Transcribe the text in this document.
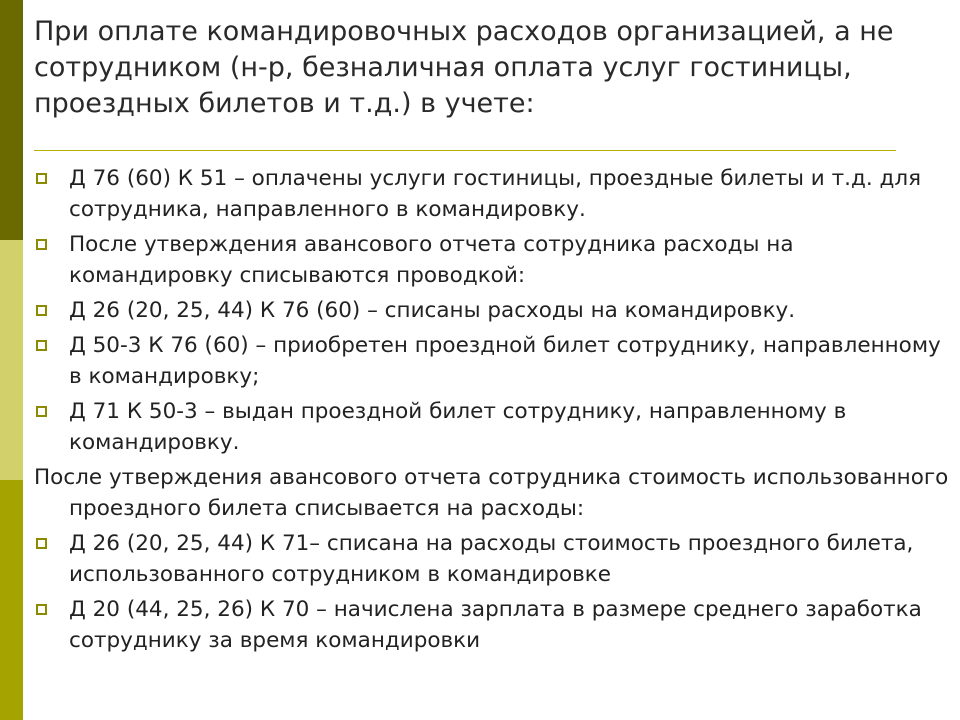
При оплате командировочных расходов организацией, а не сотрудником (н-р, безналичная оплата услуг гостиницы, проездных билетов и т.д.) в учете:
Д 76 (60) К 51 – оплачены услуги гостиницы, проездные билеты и т.д. для сотрудника, направленного в командировку.
После утверждения авансового отчета сотрудника расходы на командировку списываются проводкой:
Д 26 (20, 25, 44) К 76 (60) – списаны расходы на командировку.
Д 50-3 К 76 (60) – приобретен проездной билет сотруднику, направленному в командировку;
Д 71 К 50-3 – выдан проездной билет сотруднику, направленному в командировку.
После утверждения авансового отчета сотрудника стоимость использованного проездного билета списывается на расходы:
Д 26 (20, 25, 44) К 71– списана на расходы стоимость проездного билета, использованного сотрудником в командировке
Д 20 (44, 25, 26) К 70 – начислена зарплата в размере среднего заработка сотруднику за время командировки
